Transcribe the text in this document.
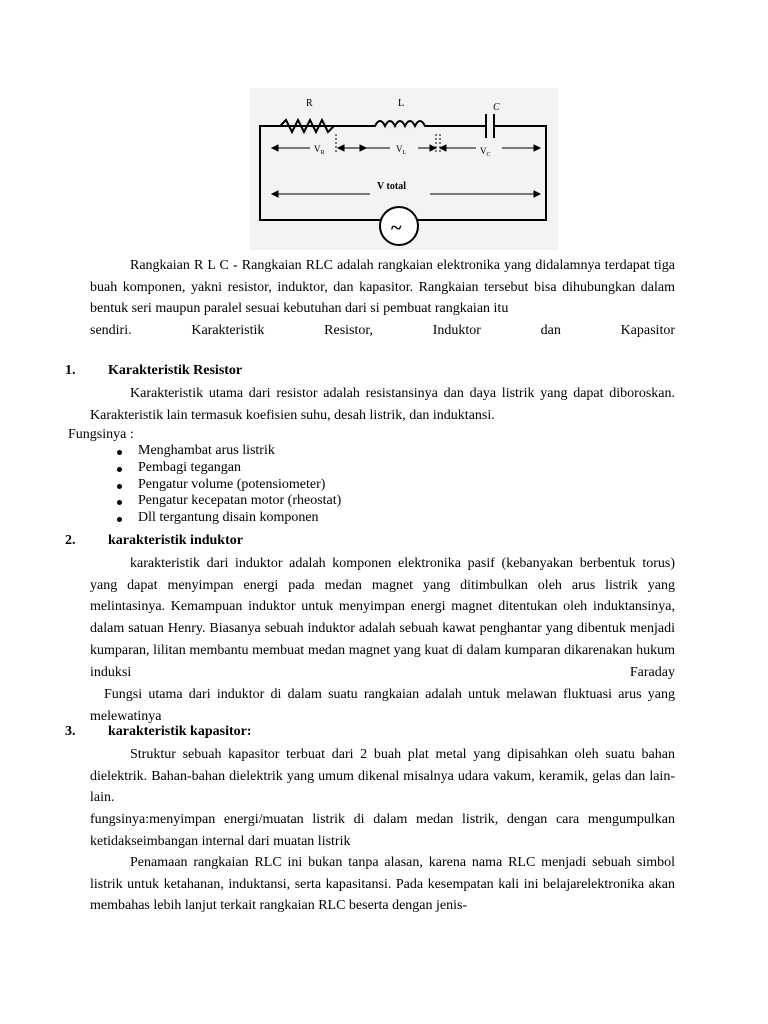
R	L	C
$V_R$	$V_L$	$V_C$
V total
~
Rangkaian R L C - Rangkaian RLC adalah rangkaian elektronika yang didalamnya terdapat tiga buah komponen, yakni resistor, induktor, dan kapasitor. Rangkaian tersebut bisa dihubungkan dalam bentuk seri maupun paralel sesuai kebutuhan dari si pembuat rangkaian itu
sendiri. Karakteristik Resistor, Induktor dan Kapasitor
1. Karakteristik Resistor
Karakteristik utama dari resistor adalah resistansinya dan daya listrik yang dapat diboroskan. Karakteristik lain termasuk koefisien suhu, desah listrik, dan induktansi.
Fungsinya :
Menghambat arus listrik
Pembagi tegangan
Pengatur volume (potensiometer)
Pengatur kecepatan motor (rheostat)
Dll tergantung disain komponen
2. karakteristik induktor
karakteristik dari induktor adalah komponen elektronika pasif (kebanyakan berbentuk torus) yang dapat menyimpan energi pada medan magnet yang ditimbulkan oleh arus listrik yang melintasinya. Kemampuan induktor untuk menyimpan energi magnet ditentukan oleh induktansinya, dalam satuan Henry. Biasanya sebuah induktor adalah sebuah kawat penghantar yang dibentuk menjadi kumparan, lilitan membantu membuat medan magnet yang kuat di dalam kumparan dikarenakan hukum induksi Faraday
Fungsi utama dari induktor di dalam suatu rangkaian adalah untuk melawan fluktuasi arus yang melewatinya
3. karakteristik kapasitor:
Struktur sebuah kapasitor terbuat dari 2 buah plat metal yang dipisahkan oleh suatu bahan dielektrik. Bahan-bahan dielektrik yang umum dikenal misalnya udara vakum, keramik, gelas dan lain-lain.
fungsinya:menyimpan energi/muatan listrik di dalam medan listrik, dengan cara mengumpulkan ketidakseimbangan internal dari muatan listrik
Penamaan rangkaian RLC ini bukan tanpa alasan, karena nama RLC menjadi sebuah simbol listrik untuk ketahanan, induktansi, serta kapasitansi. Pada kesempatan kali ini belajarelektronika akan membahas lebih lanjut terkait rangkaian RLC beserta dengan jenis-
